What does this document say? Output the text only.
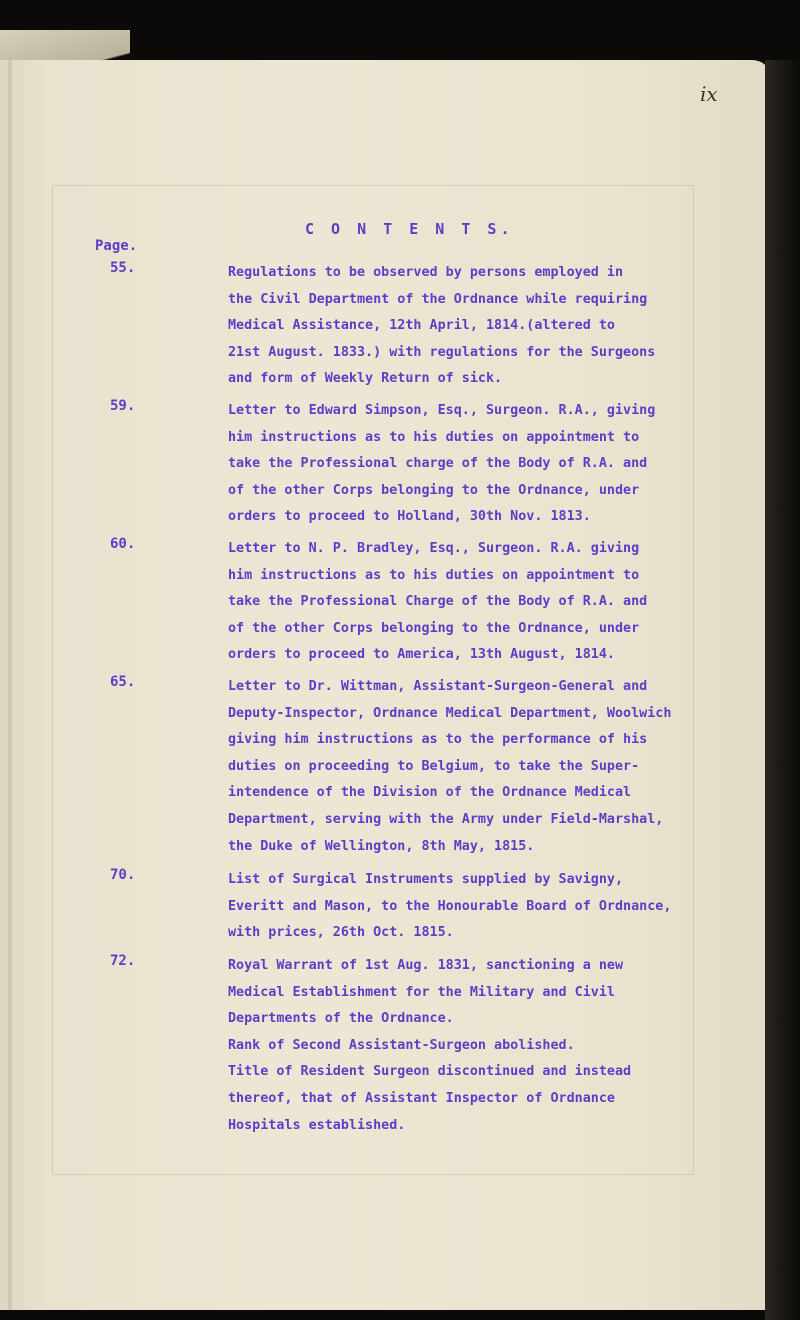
ix
C O N T E N T S.
Page.
55.	Regulations to be observed by persons employed in
the Civil Department of the Ordnance while requiring
Medical Assistance, 12th April, 1814.(altered to
21st August. 1833.) with regulations for the Surgeons
and form of Weekly Return of sick.
59.	Letter to Edward Simpson, Esq., Surgeon. R.A., giving
him instructions as to his duties on appointment to
take the Professional charge of the Body of R.A. and
of the other Corps belonging to the Ordnance, under
orders to proceed to Holland, 30th Nov. 1813.
60.	Letter to N. P. Bradley, Esq., Surgeon. R.A. giving
him instructions as to his duties on appointment to
take the Professional Charge of the Body of R.A. and
of the other Corps belonging to the Ordnance, under
orders to proceed to America, 13th August, 1814.
65.	Letter to Dr. Wittman, Assistant-Surgeon-General and
Deputy-Inspector, Ordnance Medical Department, Woolwich
giving him instructions as to the performance of his
duties on proceeding to Belgium, to take the Super-
intendence of the Division of the Ordnance Medical
Department, serving with the Army under Field-Marshal,
the Duke of Wellington, 8th May, 1815.
70.	List of Surgical Instruments supplied by Savigny,
Everitt and Mason, to the Honourable Board of Ordnance,
with prices, 26th Oct. 1815.
72.	Royal Warrant of 1st Aug. 1831, sanctioning a new
Medical Establishment for the Military and Civil
Departments of the Ordnance.
Rank of Second Assistant-Surgeon abolished.
Title of Resident Surgeon discontinued and instead
thereof, that of Assistant Inspector of Ordnance
Hospitals established.
